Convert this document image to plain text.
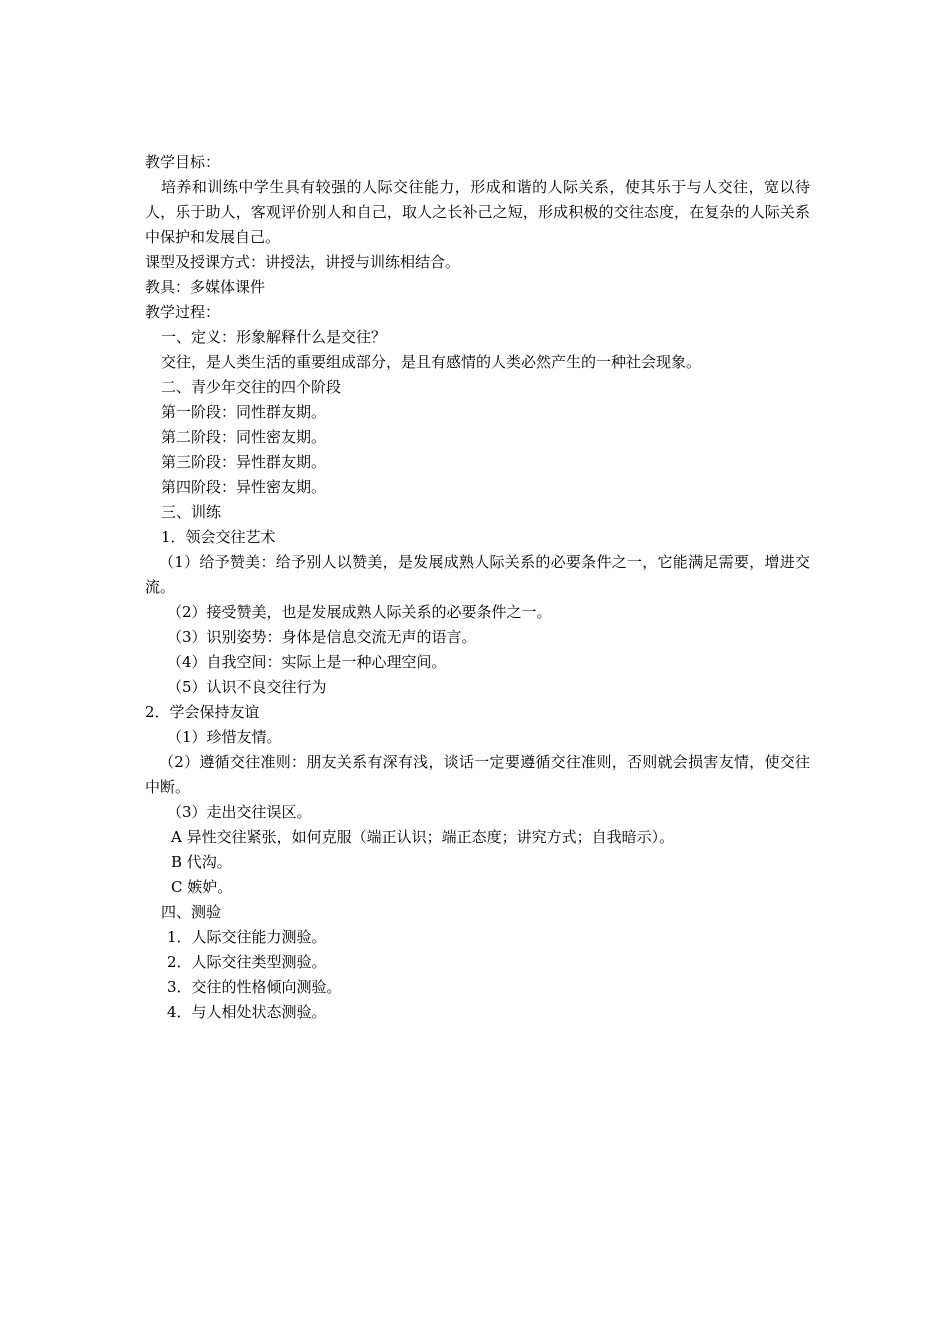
教学目标：

培养和训练中学生具有较强的人际交往能力，形成和谐的人际关系，使其乐于与人交往，宽以待人，乐于助人，客观评价别人和自己，取人之长补己之短，形成积极的交往态度，在复杂的人际关系中保护和发展自己。

课型及授课方式：讲授法，讲授与训练相结合。

教具：多媒体课件

教学过程：

一、定义：形象解释什么是交往？

交往，是人类生活的重要组成部分，是且有感情的人类必然产生的一种社会现象。

二、青少年交往的四个阶段

第一阶段：同性群友期。

第二阶段：同性密友期。

第三阶段：异性群友期。

第四阶段：异性密友期。

三、训练

1．领会交往艺术

（1）给予赞美：给予别人以赞美，是发展成熟人际关系的必要条件之一，它能满足需要，增进交流。

（2）接受赞美，也是发展成熟人际关系的必要条件之一。

（3）识别姿势：身体是信息交流无声的语言。

（4）自我空间：实际上是一种心理空间。

（5）认识不良交往行为

2．学会保持友谊

（1）珍惜友情。

（2）遵循交往准则：朋友关系有深有浅，谈话一定要遵循交往准则，否则就会损害友情，使交往中断。

（3）走出交往误区。

A 异性交往紧张，如何克服（端正认识；端正态度；讲究方式；自我暗示）。

B 代沟。

C 嫉妒。

四、测验

1．人际交往能力测验。

2．人际交往类型测验。

3．交往的性格倾向测验。

4．与人相处状态测验。
